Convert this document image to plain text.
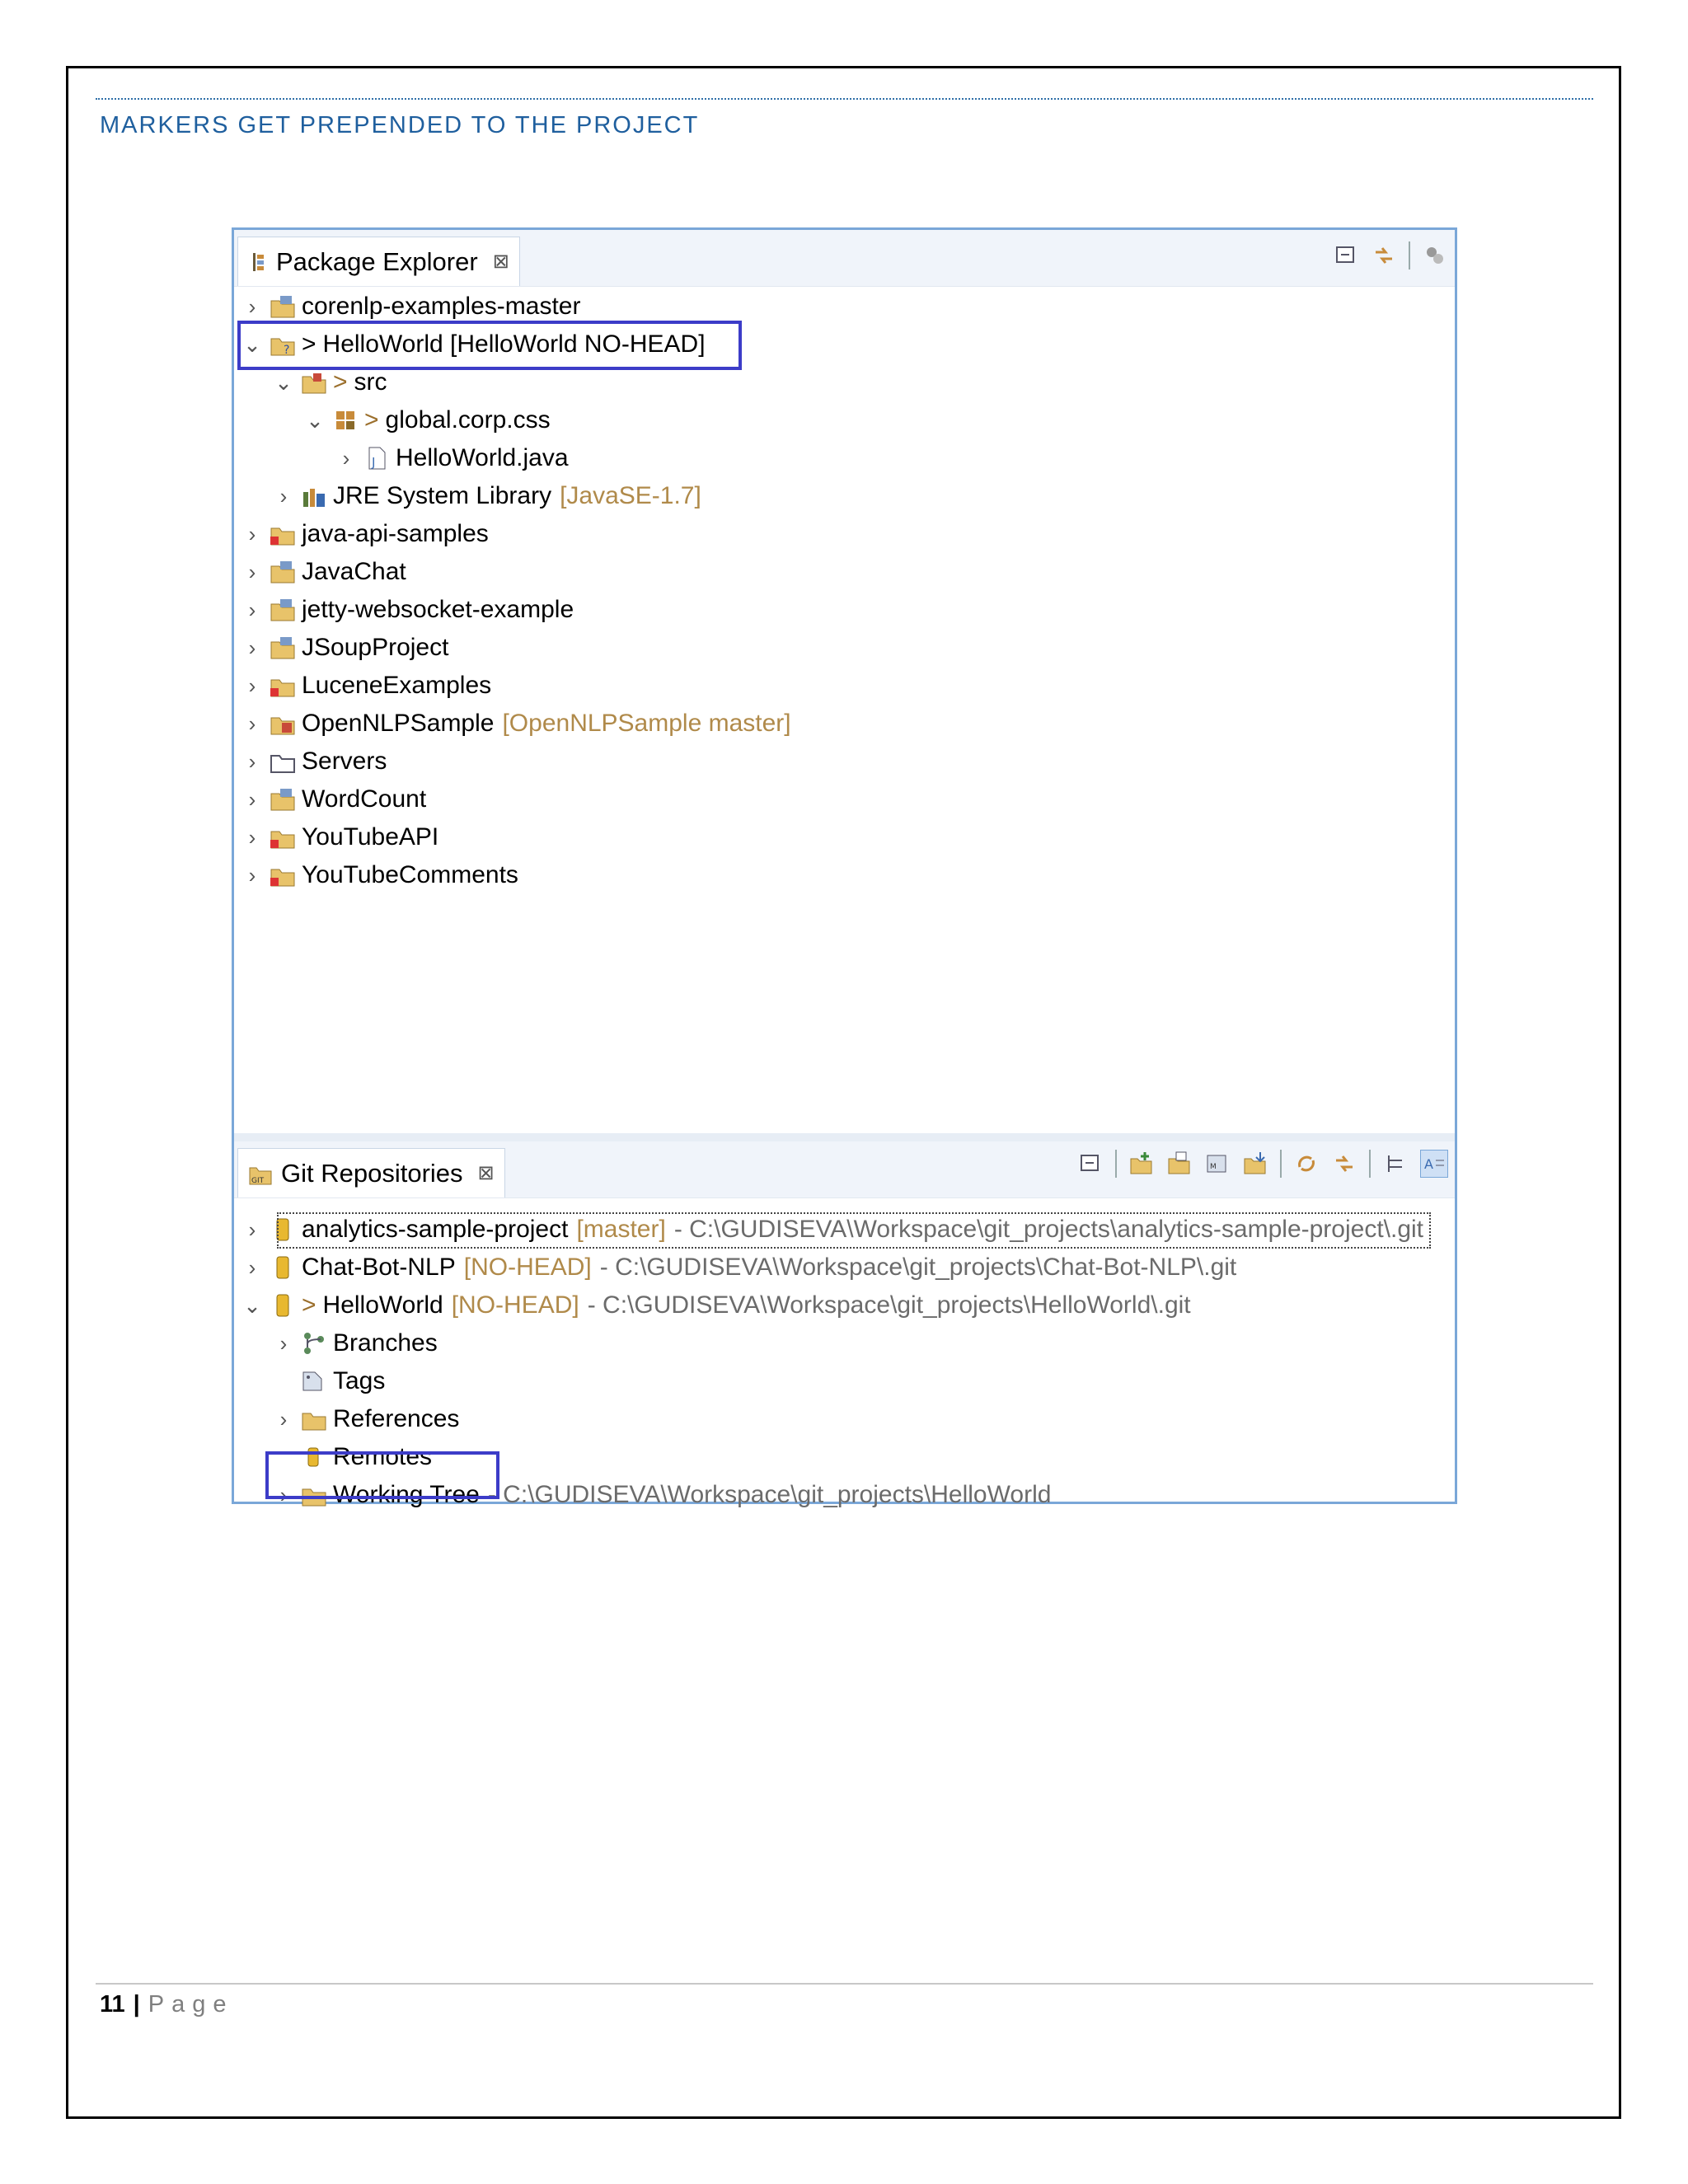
MARKERS GET PREPENDED TO THE PROJECT
Package Explorer ⊠
› corenlp-examples-master
⌄ ? > HelloWorld [HelloWorld NO-HEAD]
⌄ > src
⌄ > global.corp.css
›	J HelloWorld.java
› JRE System Library [JavaSE-1.7]
› java-api-samples
› JavaChat
› jetty-websocket-example
› JSoupProject
› LuceneExamples
› OpenNLPSample [OpenNLPSample master]
› Servers
› WordCount
› YouTubeAPI
› YouTubeComments
GIT Git Repositories ⊠	M	A
› analytics-sample-project [master] - C:\GUDISEVA\Workspace\git_projects\analytics-sample-project\.git
› Chat-Bot-NLP [NO-HEAD] - C:\GUDISEVA\Workspace\git_projects\Chat-Bot-NLP\.git
⌄ > HelloWorld [NO-HEAD] - C:\GUDISEVA\Workspace\git_projects\HelloWorld\.git
› Branches
Tags
› References
Remotes
› Working Tree - C:\GUDISEVA\Workspace\git_projects\HelloWorld
11 | Page
